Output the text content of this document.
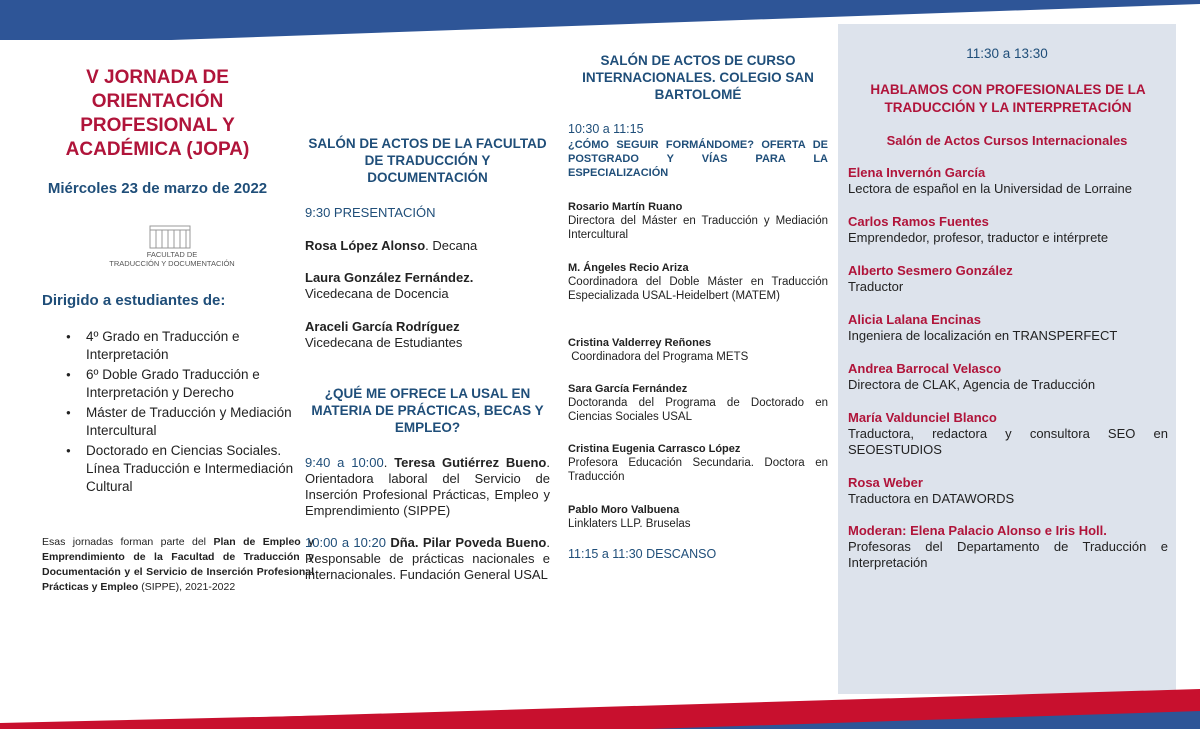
V JORNADA DE ORIENTACIÓN PROFESIONAL Y ACADÉMICA (JOPA)
Miércoles 23 de marzo de 2022
FACULTAD DE
TRADUCCIÓN Y DOCUMENTACIÓN
Dirigido a estudiantes de:
● 4º Grado en Traducción e Interpretación
● 6º Doble Grado Traducción e Interpretación y Derecho
● Máster de Traducción y Mediación Intercultural
● Doctorado en Ciencias Sociales. Línea Traducción e Intermediación Cultural
Esas jornadas forman parte del Plan de Empleo y Emprendimiento de la Facultad de Traducción y Documentación y el Servicio de Inserción Profesional Prácticas y Empleo (SIPPE), 2021-2022
SALÓN DE ACTOS DE LA FACULTAD DE TRADUCCIÓN Y DOCUMENTACIÓN
9:30 PRESENTACIÓN
Rosa López Alonso. Decana
Laura González Fernández.
Vicedecana de Docencia
Araceli García Rodríguez
Vicedecana de Estudiantes
¿QUÉ ME OFRECE LA USAL EN MATERIA DE PRÁCTICAS, BECAS Y EMPLEO?
9:40 a 10:00. Teresa Gutiérrez Bueno. Orientadora laboral del Servicio de Inserción Profesional Prácticas, Empleo y Emprendimiento (SIPPE)
10:00 a 10:20 Dña. Pilar Poveda Bueno. Responsable de prácticas nacionales e internacionales. Fundación General USAL
SALÓN DE ACTOS DE CURSO INTERNACIONALES. COLEGIO SAN BARTOLOMÉ
10:30 a 11:15
¿CÓMO SEGUIR FORMÁNDOME? OFERTA DE POSTGRADO Y VÍAS PARA LA ESPECIALIZACIÓN
Rosario Martín Ruano
Directora del Máster en Traducción y Mediación Intercultural
M. Ángeles Recio Ariza
Coordinadora del Doble Máster en Traducción Especializada USAL-Heidelbert (MATEM)
Cristina Valderrey Reñones
Coordinadora del Programa METS
Sara García Fernández
Doctoranda del Programa de Doctorado en Ciencias Sociales USAL
Cristina Eugenia Carrasco López
Profesora Educación Secundaria. Doctora en Traducción
Pablo Moro Valbuena
Linklaters LLP. Bruselas
11:15 a 11:30 DESCANSO
11:30 a 13:30
HABLAMOS CON PROFESIONALES DE LA TRADUCCIÓN Y LA INTERPRETACIÓN
Salón de Actos Cursos Internacionales
Elena Invernón García
Lectora de español en la Universidad de Lorraine
Carlos Ramos Fuentes
Emprendedor, profesor, traductor e intérprete
Alberto Sesmero González
Traductor
Alicia Lalana Encinas
Ingeniera de localización en TRANSPERFECT
Andrea Barrocal Velasco
Directora de CLAK, Agencia de Traducción
María Valdunciel Blanco
Traductora, redactora y consultora SEO en SEOESTUDIOS
Rosa Weber
Traductora en DATAWORDS
Moderan: Elena Palacio Alonso e Iris Holl.
Profesoras del Departamento de Traducción e Interpretación
